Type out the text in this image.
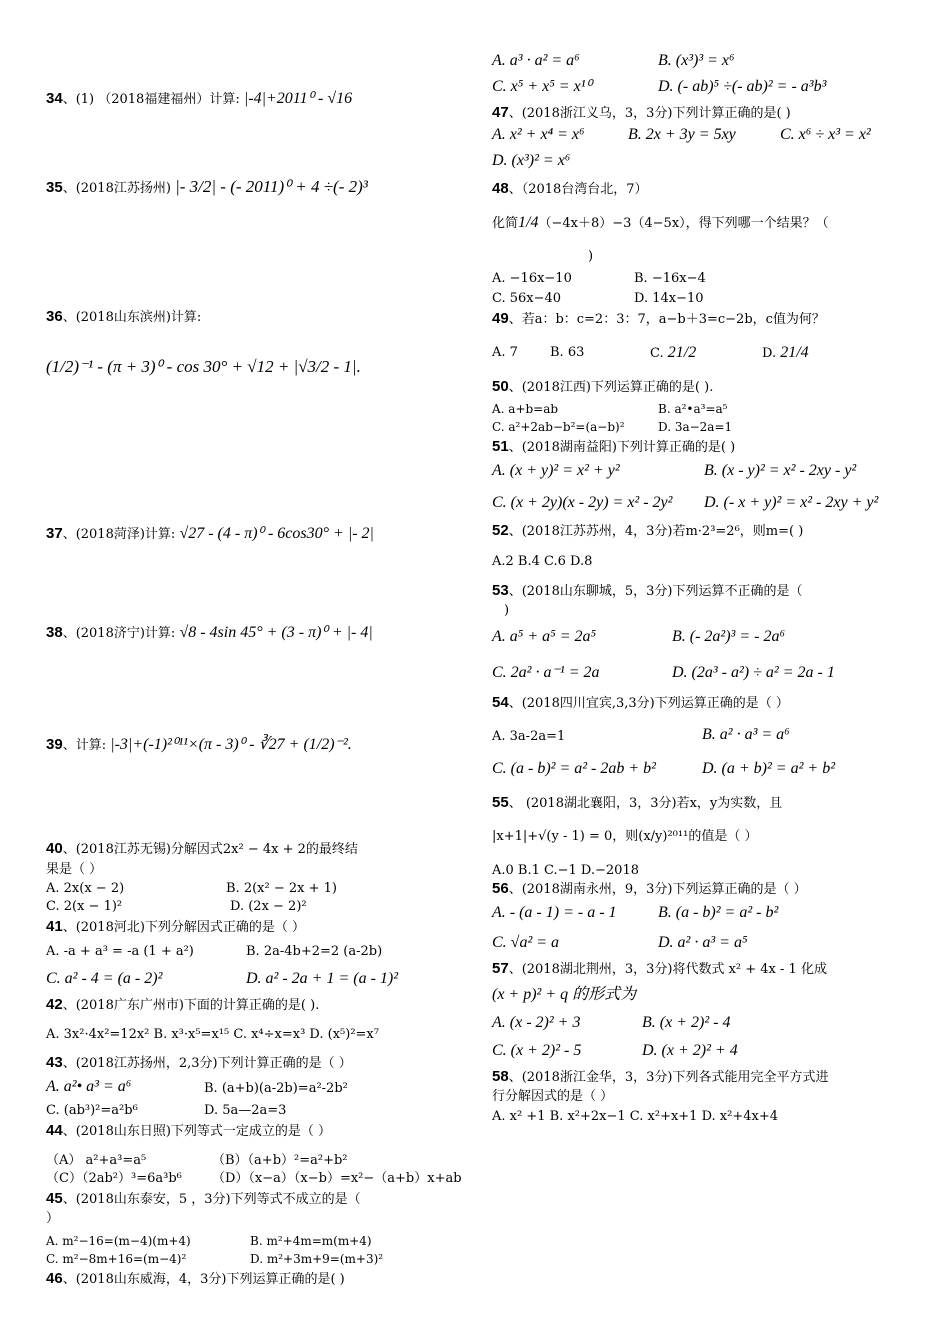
34、(1) （2018福建福州）计算: |-4|+2011⁰ - √16
35、(2018江苏扬州) |- 3/2| - (- 2011)⁰ + 4 ÷(- 2)³
36、(2018山东滨州)计算:
(1/2)⁻¹ - (π + 3)⁰ - cos 30° + √12 + |√3/2 - 1|.
37、(2018菏泽)计算: √27 - (4 - π)⁰ - 6cos30° + |- 2|
38、(2018济宁)计算: √8 - 4sin 45° + (3 - π)⁰ + |- 4|
39、计算: |-3|+(-1)²⁰¹¹×(π - 3)⁰ - ∛27 + (1/2)⁻².
40、(2018江苏无锡)分解因式2x² − 4x + 2的最终结
果是（ ）
A. 2x(x − 2)	B. 2(x² − 2x + 1)
C. 2(x − 1)²	D. (2x − 2)²
41、(2018河北)下列分解因式正确的是（ ）
A. -a + a³ = -a (1 + a²)	B. 2a-4b+2=2 (a-2b)
C. a² - 4 = (a - 2)²	D. a² - 2a + 1 = (a - 1)²
42、(2018广东广州市)下面的计算正确的是( ).
A. 3x²·4x²=12x² B. x³·x⁵=x¹⁵ C. x⁴÷x=x³ D. (x⁵)²=x⁷
43、(2018江苏扬州，2,3分)下列计算正确的是（ ）
A. a²• a³ = a⁶	B. (a+b)(a-2b)=a²-2b²
C. (ab³)²=a²b⁶	D. 5a—2a=3
44、(2018山东日照)下列等式一定成立的是（ ）
（A） a²+a³=a⁵	（B）（a+b）²=a²+b²
（C）（2ab²）³=6a³b⁶ （D）（x−a）（x−b）=x²−（a+b）x+ab
45、(2018山东泰安，5 ，3分)下列等式不成立的是（
）
A. m²−16=(m−4)(m+4)	B. m²+4m=m(m+4)
C. m²−8m+16=(m−4)²	D. m²+3m+9=(m+3)²
46、(2018山东威海，4，3分)下列运算正确的是( )
A. a³ · a² = a⁶	B. (x³)³ = x⁶
C. x⁵ + x⁵ = x¹⁰	D. (- ab)⁵ ÷(- ab)² = - a³b³
47、(2018浙江义乌，3，3分)下列计算正确的是( )
A. x² + x⁴ = x⁶	B. 2x + 3y = 5xy	C. x⁶ ÷ x³ = x²
D. (x³)² = x⁶
48、（2018台湾台北，7）
化简1/4（−4x＋8）−3（4−5x），得下列哪一个结果？（
)
A. −16x−10	B. −16x−4
C. 56x−40	D. 14x−10
49、若a：b：c=2：3：7，a−b＋3=c−2b，c值为何？
A. 7 B. 63	C. 21/2	D. 21/4
50、(2018江西)下列运算正确的是( ).
A. a+b=ab	B. a²•a³=a⁵
C. a²+2ab−b²=(a−b)²	D. 3a−2a=1
51、(2018湖南益阳)下列计算正确的是( )
A. (x + y)² = x² + y²	B. (x - y)² = x² - 2xy - y²
C. (x + 2y)(x - 2y) = x² - 2y² D. (- x + y)² = x² - 2xy + y²
52、(2018江苏苏州，4，3分)若m·2³=2⁶，则m=( )
A.2 B.4 C.6 D.8
53、(2018山东聊城，5，3分)下列运算不正确的是（
)
A. a⁵ + a⁵ = 2a⁵	B. (- 2a²)³ = - 2a⁶
C. 2a² · a⁻¹ = 2a	D. (2a³ - a²) ÷ a² = 2a - 1
54、(2018四川宜宾,3,3分)下列运算正确的是（ ）
A. 3a-2a=1	B. a² · a³ = a⁶
C. (a - b)² = a² - 2ab + b²	D. (a + b)² = a² + b²
55、 (2018湖北襄阳，3，3分)若x，y为实数，且
|x+1|+√(y - 1) = 0，则(x/y)²⁰¹¹的值是（ ）
A.0 B.1 C.−1 D.−2018
56、(2018湖南永州，9，3分)下列运算正确的是（ ）
A. - (a - 1) = - a - 1	B. (a - b)² = a² - b²
C. √a² = a	D. a² · a³ = a⁵
57、(2018湖北荆州，3，3分)将代数式 x² + 4x - 1 化成
(x + p)² + q 的形式为
A. (x - 2)² + 3	B. (x + 2)² - 4
C. (x + 2)² - 5	D. (x + 2)² + 4
58、(2018浙江金华，3，3分)下列各式能用完全平方式进
行分解因式的是（ ）
A. x² +1 B. x²+2x−1 C. x²+x+1 D. x²+4x+4
